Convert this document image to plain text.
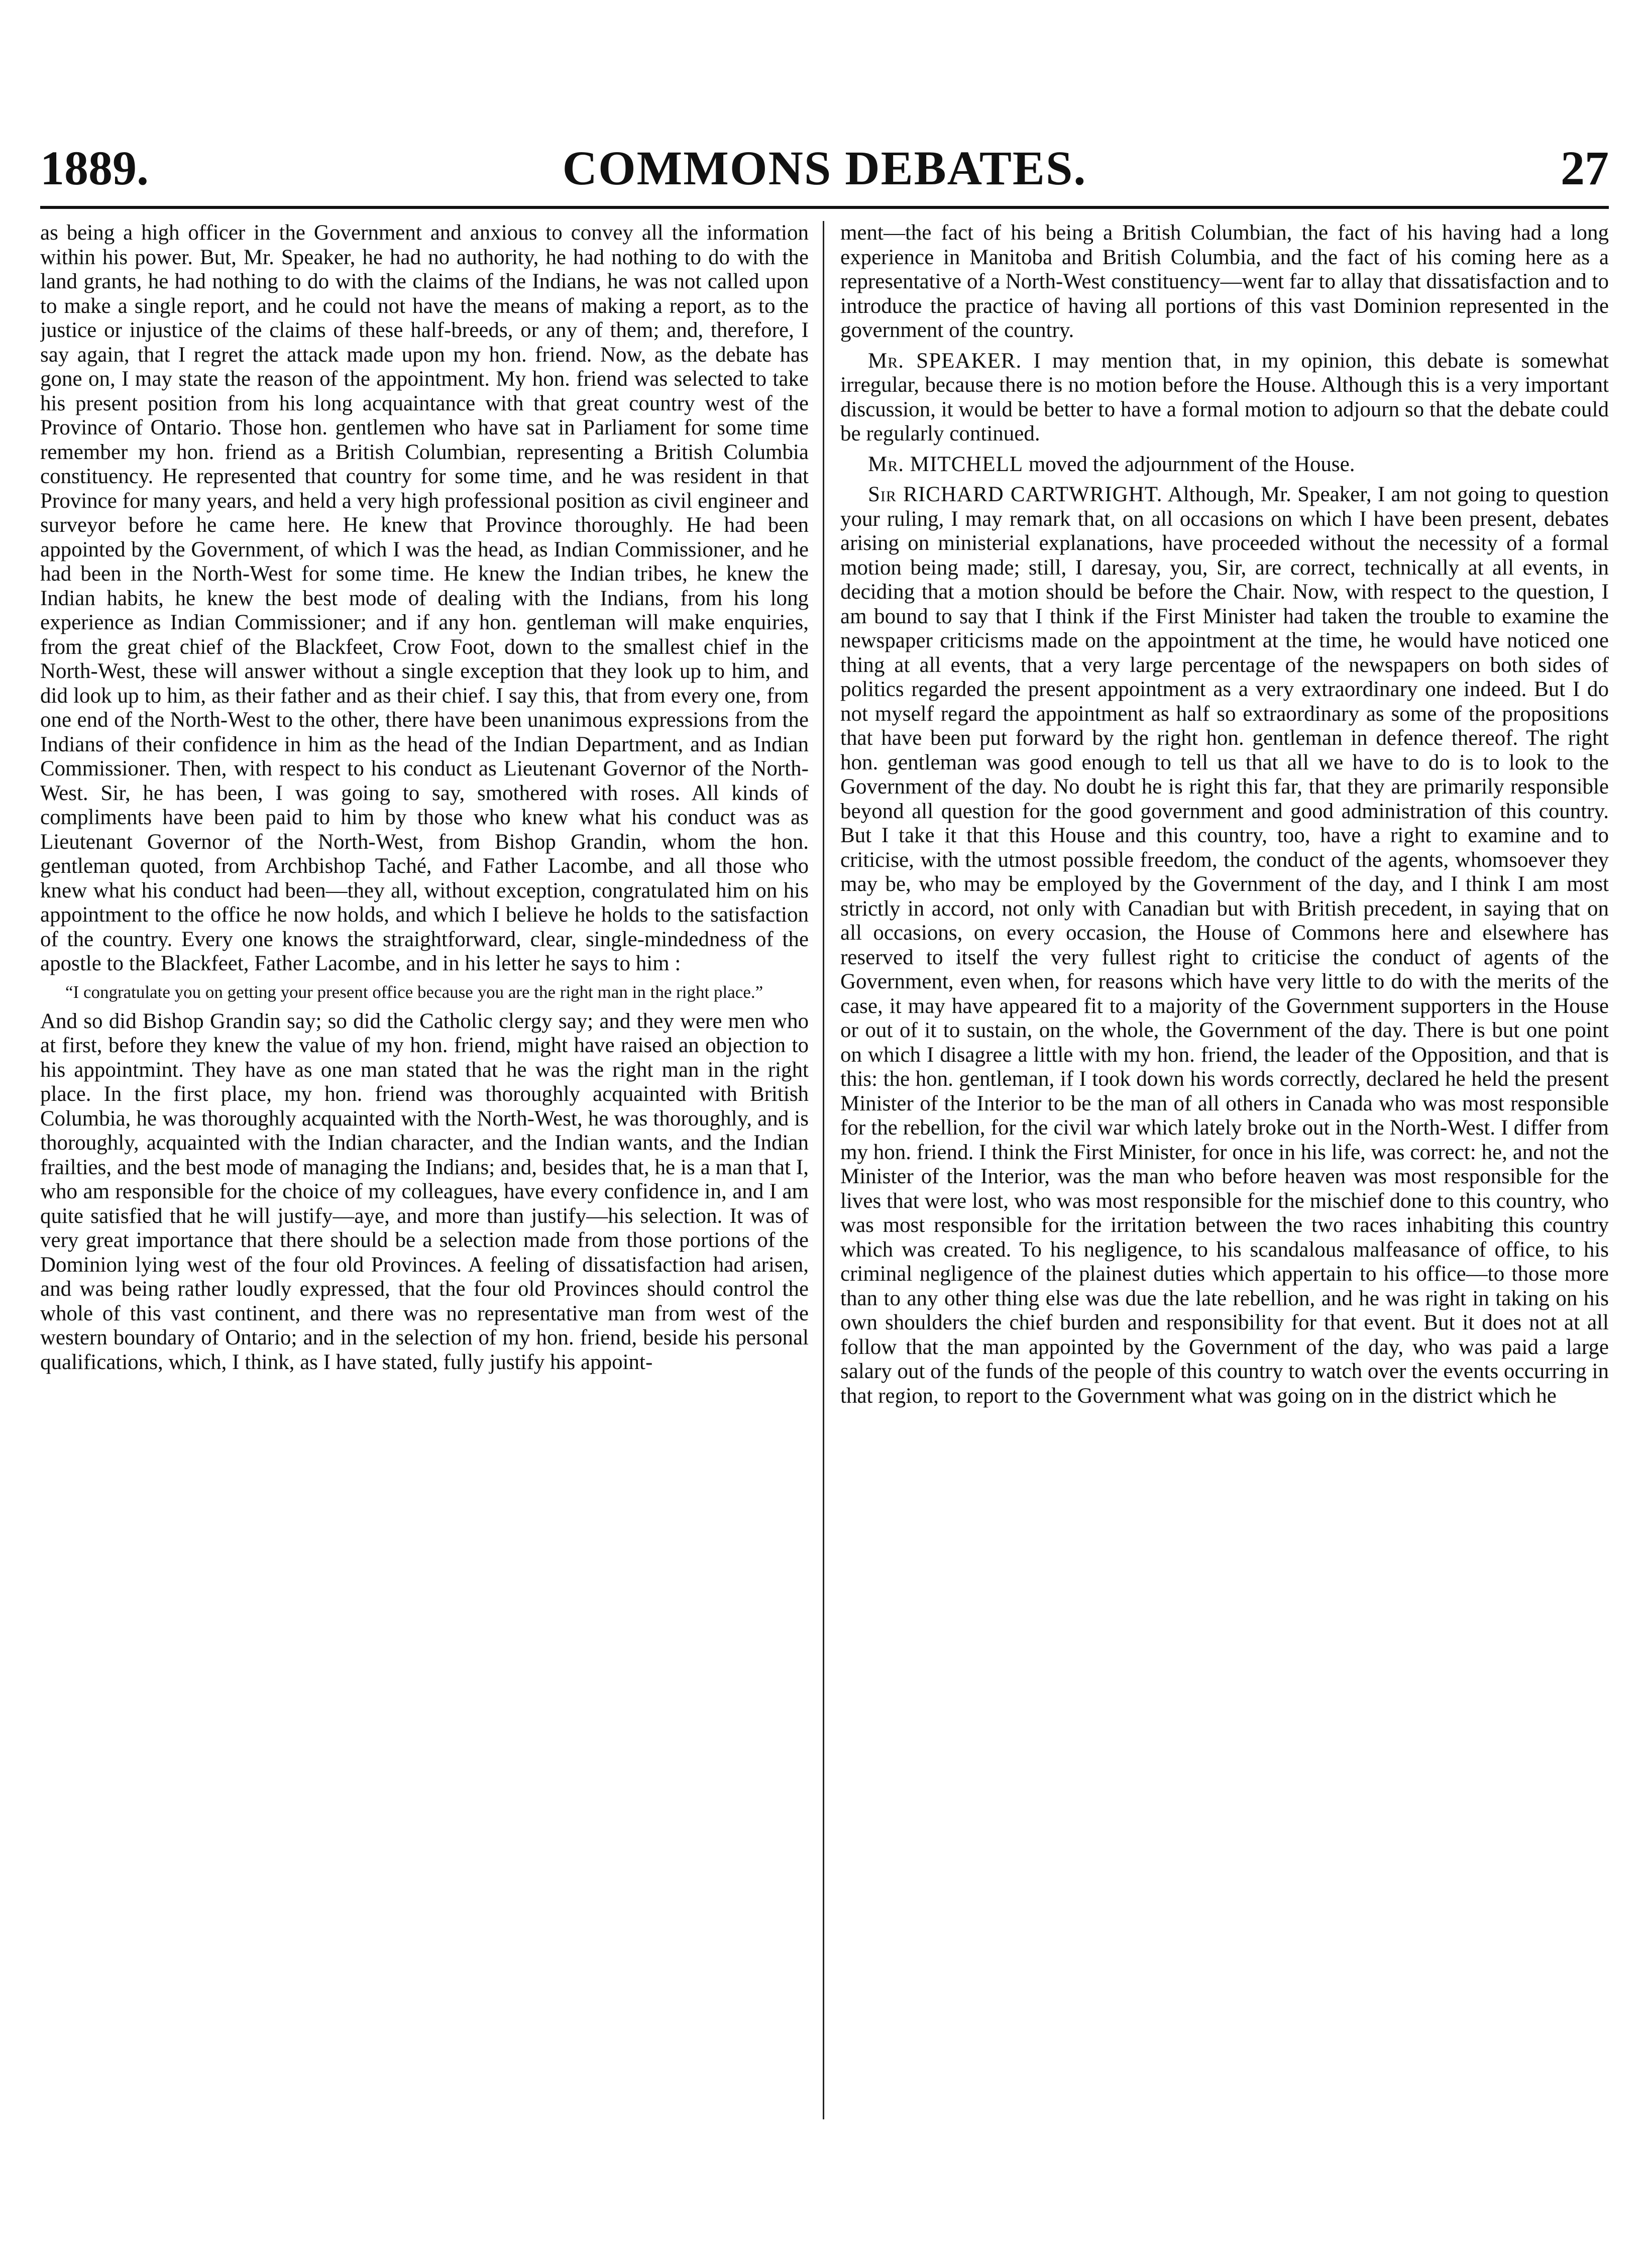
1889.	COMMONS DEBATES.	27

as being a high officer in the Government and anxious to convey all the information within his power. But, Mr. Speaker, he had no authority, he had nothing to do with the land grants, he had nothing to do with the claims of the Indians, he was not called upon to make a single report, and he could not have the means of making a report, as to the justice or injustice of the claims of these half-breeds, or any of them; and, therefore, I say again, that I regret the attack made upon my hon. friend. Now, as the debate has gone on, I may state the reason of the appointment. My hon. friend was selected to take his present position from his long acquaintance with that great country west of the Province of Ontario. Those hon. gentlemen who have sat in Parliament for some time remember my hon. friend as a British Columbian, representing a British Columbia constituency. He represented that country for some time, and he was resident in that Province for many years, and held a very high professional position as civil engineer and surveyor before he came here. He knew that Province thoroughly. He had been appointed by the Government, of which I was the head, as Indian Commissioner, and he had been in the North-West for some time. He knew the Indian tribes, he knew the Indian habits, he knew the best mode of dealing with the Indians, from his long experience as Indian Commissioner; and if any hon. gentleman will make enquiries, from the great chief of the Blackfeet, Crow Foot, down to the smallest chief in the North-West, these will answer without a single exception that they look up to him, and did look up to him, as their father and as their chief. I say this, that from every one, from one end of the North-West to the other, there have been unanimous expressions from the Indians of their confidence in him as the head of the Indian Department, and as Indian Commissioner. Then, with respect to his conduct as Lieutenant Governor of the North-West. Sir, he has been, I was going to say, smothered with roses. All kinds of compliments have been paid to him by those who knew what his conduct was as Lieutenant Governor of the North-West, from Bishop Grandin, whom the hon. gentleman quoted, from Archbishop Taché, and Father Lacombe, and all those who knew what his conduct had been—they all, without exception, congratulated him on his appointment to the office he now holds, and which I believe he holds to the satisfaction of the country. Every one knows the straightforward, clear, single-mindedness of the apostle to the Blackfeet, Father Lacombe, and in his letter he says to him :

“I congratulate you on getting your present office because you are the right man in the right place.”

And so did Bishop Grandin say; so did the Catholic clergy say; and they were men who at first, before they knew the value of my hon. friend, might have raised an objection to his appointmint. They have as one man stated that he was the right man in the right place. In the first place, my hon. friend was thoroughly acquainted with British Columbia, he was thoroughly acquainted with the North-West, he was thoroughly, and is thoroughly, acquainted with the Indian character, and the Indian wants, and the Indian frailties, and the best mode of managing the Indians; and, besides that, he is a man that I, who am responsible for the choice of my colleagues, have every confidence in, and I am quite satisfied that he will justify—aye, and more than justify—his selection. It was of very great importance that there should be a selection made from those portions of the Dominion lying west of the four old Provinces. A feeling of dissatisfaction had arisen, and was being rather loudly expressed, that the four old Provinces should control the whole of this vast continent, and there was no representative man from west of the western boundary of Ontario; and in the selection of my hon. friend, beside his personal qualifications, which, I think, as I have stated, fully justify his appoint-

ment—the fact of his being a British Columbian, the fact of his having had a long experience in Manitoba and British Columbia, and the fact of his coming here as a representative of a North-West constituency—went far to allay that dissatisfaction and to introduce the practice of having all portions of this vast Dominion represented in the government of the country.

Mr. SPEAKER. I may mention that, in my opinion, this debate is somewhat irregular, because there is no motion before the House. Although this is a very important discussion, it would be better to have a formal motion to adjourn so that the debate could be regularly continued.

Mr. MITCHELL moved the adjournment of the House.

Sir RICHARD CARTWRIGHT. Although, Mr. Speaker, I am not going to question your ruling, I may remark that, on all occasions on which I have been present, debates arising on ministerial explanations, have proceeded without the necessity of a formal motion being made; still, I daresay, you, Sir, are correct, technically at all events, in deciding that a motion should be before the Chair. Now, with respect to the question, I am bound to say that I think if the First Minister had taken the trouble to examine the newspaper criticisms made on the appointment at the time, he would have noticed one thing at all events, that a very large percentage of the newspapers on both sides of politics regarded the present appointment as a very extraordinary one indeed. But I do not myself regard the appointment as half so extraordinary as some of the propositions that have been put forward by the right hon. gentleman in defence thereof. The right hon. gentleman was good enough to tell us that all we have to do is to look to the Government of the day. No doubt he is right this far, that they are primarily responsible beyond all question for the good government and good administration of this country. But I take it that this House and this country, too, have a right to examine and to criticise, with the utmost possible freedom, the conduct of the agents, whomsoever they may be, who may be employed by the Government of the day, and I think I am most strictly in accord, not only with Canadian but with British precedent, in saying that on all occasions, on every occasion, the House of Commons here and elsewhere has reserved to itself the very fullest right to criticise the conduct of agents of the Government, even when, for reasons which have very little to do with the merits of the case, it may have appeared fit to a majority of the Government supporters in the House or out of it to sustain, on the whole, the Government of the day. There is but one point on which I disagree a little with my hon. friend, the leader of the Opposition, and that is this: the hon. gentleman, if I took down his words correctly, declared he held the present Minister of the Interior to be the man of all others in Canada who was most responsible for the rebellion, for the civil war which lately broke out in the North-West. I differ from my hon. friend. I think the First Minister, for once in his life, was correct: he, and not the Minister of the Interior, was the man who before heaven was most responsible for the lives that were lost, who was most responsible for the mischief done to this country, who was most responsible for the irritation between the two races inhabiting this country which was created. To his negligence, to his scandalous malfeasance of office, to his criminal negligence of the plainest duties which appertain to his office—to those more than to any other thing else was due the late rebellion, and he was right in taking on his own shoulders the chief burden and responsibility for that event. But it does not at all follow that the man appointed by the Government of the day, who was paid a large salary out of the funds of the people of this country to watch over the events occurring in that region, to report to the Government what was going on in the district which he
